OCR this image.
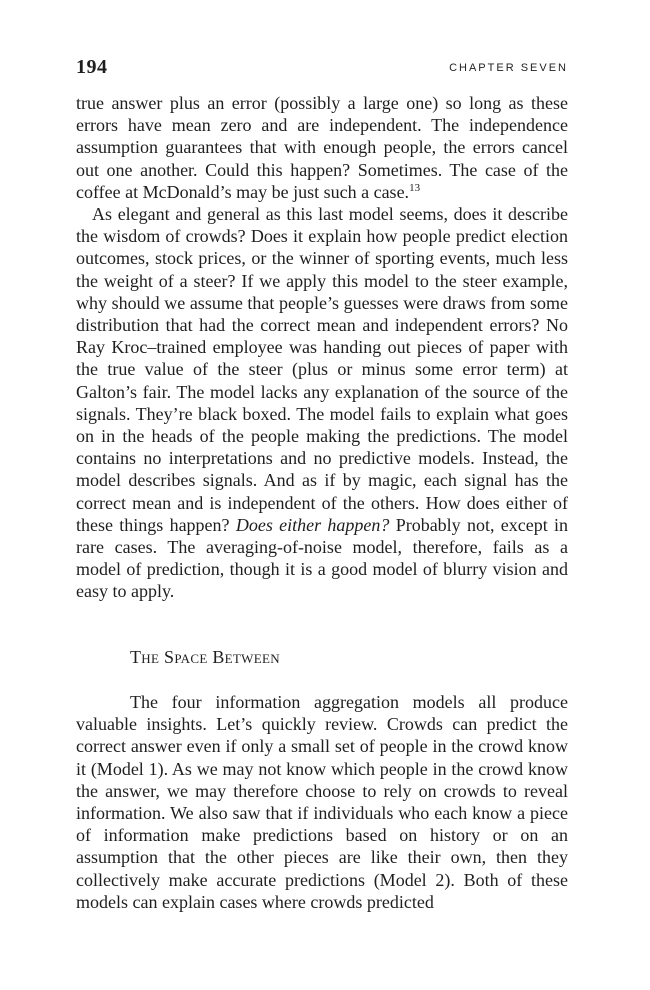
194	CHAPTER SEVEN

true answer plus an error (possibly a large one) so long as these errors have mean zero and are independent. The independence assumption guarantees that with enough people, the errors cancel out one another. Could this happen? Sometimes. The case of the coffee at McDonald’s may be just such a case.$^{13}$

As elegant and general as this last model seems, does it describe the wisdom of crowds? Does it explain how people predict election outcomes, stock prices, or the winner of sporting events, much less the weight of a steer? If we apply this model to the steer example, why should we assume that people’s guesses were draws from some distribution that had the correct mean and independent errors? No Ray Kroc–trained employee was handing out pieces of paper with the true value of the steer (plus or minus some error term) at Galton’s fair. The model lacks any explanation of the source of the signals. They’re black boxed. The model fails to explain what goes on in the heads of the people making the predictions. The model contains no interpretations and no predictive models. Instead, the model describes signals. And as if by magic, each signal has the correct mean and is independent of the others. How does either of these things happen? Does either happen? Probably not, except in rare cases. The averaging-of-noise model, therefore, fails as a model of prediction, though it is a good model of blurry vision and easy to apply.

The Space Between

The four information aggregation models all produce valuable insights. Let’s quickly review. Crowds can predict the correct answer even if only a small set of people in the crowd know it (Model 1). As we may not know which people in the crowd know the answer, we may therefore choose to rely on crowds to reveal information. We also saw that if individuals who each know a piece of information make predictions based on history or on an assumption that the other pieces are like their own, then they collectively make accurate predictions (Model 2). Both of these models can explain cases where crowds predicted
